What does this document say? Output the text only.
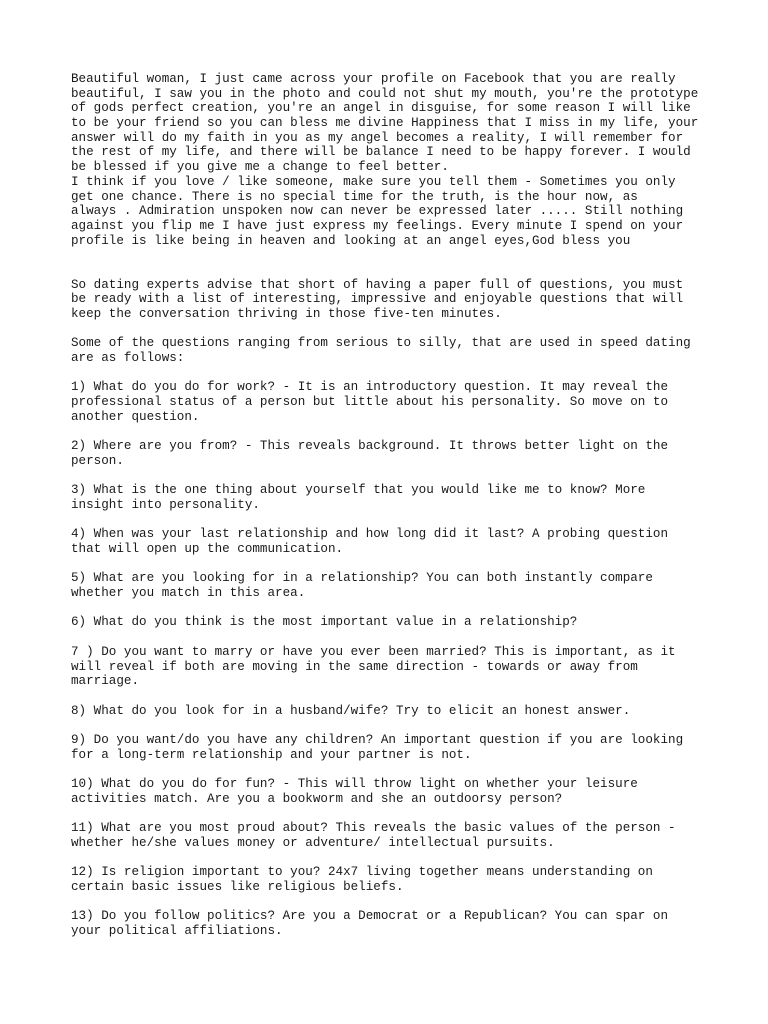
Beautiful woman, I just came across your profile on Facebook that you are really
beautiful, I saw you in the photo and could not shut my mouth, you're the prototype
of gods perfect creation, you're an angel in disguise, for some reason I will like
to be your friend so you can bless me divine Happiness that I miss in my life, your
answer will do my faith in you as my angel becomes a reality, I will remember for
the rest of my life, and there will be balance I need to be happy forever. I would
be blessed if you give me a change to feel better.
I think if you love / like someone, make sure you tell them - Sometimes you only
get one chance. There is no special time for the truth, is the hour now, as
always . Admiration unspoken now can never be expressed later ..... Still nothing
against you flip me I have just express my feelings. Every minute I spend on your
profile is like being in heaven and looking at an angel eyes,God bless you
So dating experts advise that short of having a paper full of questions, you must
be ready with a list of interesting, impressive and enjoyable questions that will
keep the conversation thriving in those five-ten minutes.
Some of the questions ranging from serious to silly, that are used in speed dating
are as follows:
1) What do you do for work? - It is an introductory question. It may reveal the
professional status of a person but little about his personality. So move on to
another question.
2) Where are you from? - This reveals background. It throws better light on the
person.
3) What is the one thing about yourself that you would like me to know? More
insight into personality.
4) When was your last relationship and how long did it last? A probing question
that will open up the communication.
5) What are you looking for in a relationship? You can both instantly compare
whether you match in this area.
6) What do you think is the most important value in a relationship?
7 ) Do you want to marry or have you ever been married? This is important, as it
will reveal if both are moving in the same direction - towards or away from
marriage.
8) What do you look for in a husband/wife? Try to elicit an honest answer.
9) Do you want/do you have any children? An important question if you are looking
for a long-term relationship and your partner is not.
10) What do you do for fun? - This will throw light on whether your leisure
activities match. Are you a bookworm and she an outdoorsy person?
11) What are you most proud about? This reveals the basic values of the person -
whether he/she values money or adventure/ intellectual pursuits.
12) Is religion important to you? 24x7 living together means understanding on
certain basic issues like religious beliefs.
13) Do you follow politics? Are you a Democrat or a Republican? You can spar on
your political affiliations.
